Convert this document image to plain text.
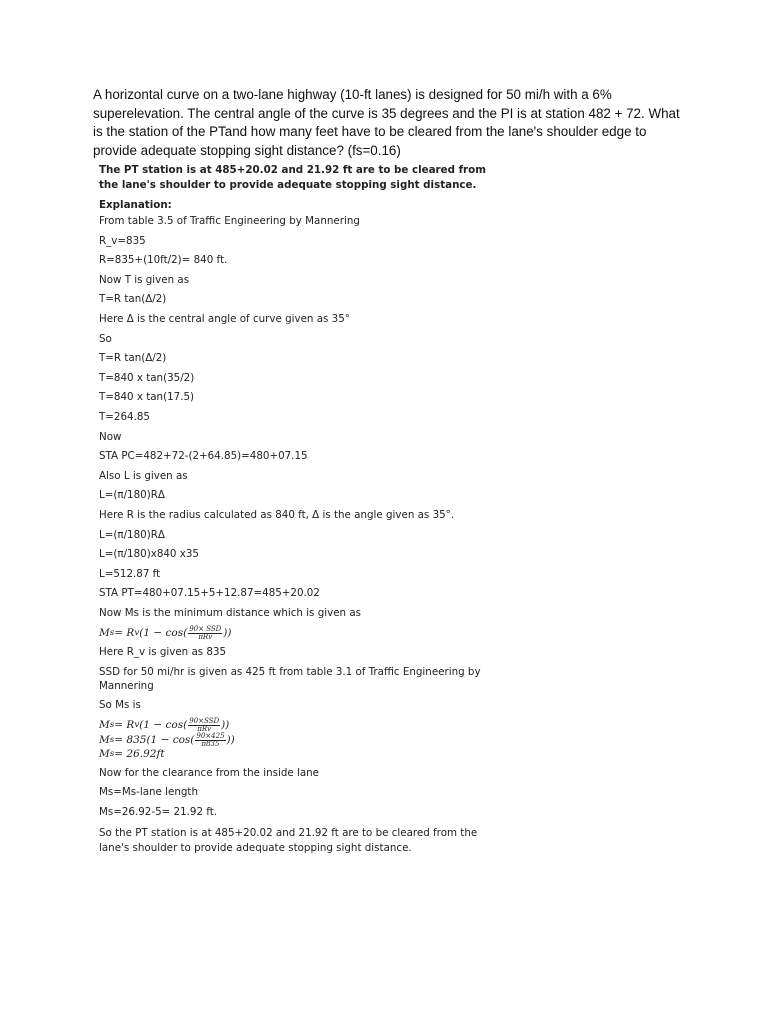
A horizontal curve on a two-lane highway (10-ft lanes) is designed for 50 mi/h with a 6% superelevation. The central angle of the curve is 35 degrees and the PI is at station 482 + 72. What is the station of the PTand how many feet have to be cleared from the lane's shoulder edge to provide adequate stopping sight distance? (fs=0.16)

The PT station is at 485+20.02 and 21.92 ft are to be cleared from the lane's shoulder to provide adequate stopping sight distance.

Explanation:

From table 3.5 of Traffic Engineering by Mannering

R_v=835

R=835+(10ft/2)= 840 ft.

Now T is given as

T=R tan(Δ/2)

Here Δ is the central angle of curve given as 35°

So

T=R tan(Δ/2)

T=840 x tan(35/2)

T=840 x tan(17.5)

T=264.85

Now

STA PC=482+72-(2+64.85)=480+07.15

Also L is given as

L=(π/180)RΔ

Here R is the radius calculated as 840 ft, Δ is the angle given as 35°.

L=(π/180)RΔ

L=(π/180)x840 x35

L=512.87 ft

STA PT=480+07.15+5+12.87=485+20.02

Now Ms is the minimum distance which is given as

M s = R v ($1 - \cos( \frac{\text{90× SSD}}{\text{πRv}}$ ))

Here R_v is given as 835

SSD for 50 mi/hr is given as 425 ft from table 3.1 of Traffic Engineering by Mannering

So Ms is

M s = R v ($1 - \cos( \frac{\text{90×SSD}}{\text{πRv}}$ ))
M s = 835 ($1 - \cos( \frac{90\times 425}{\pi 835}$ ))
M s = 26.92ft

Now for the clearance from the inside lane

Ms=Ms-lane length

Ms=26.92-5= 21.92 ft.

So the PT station is at 485+20.02 and 21.92 ft are to be cleared from the lane's shoulder to provide adequate stopping sight distance.
